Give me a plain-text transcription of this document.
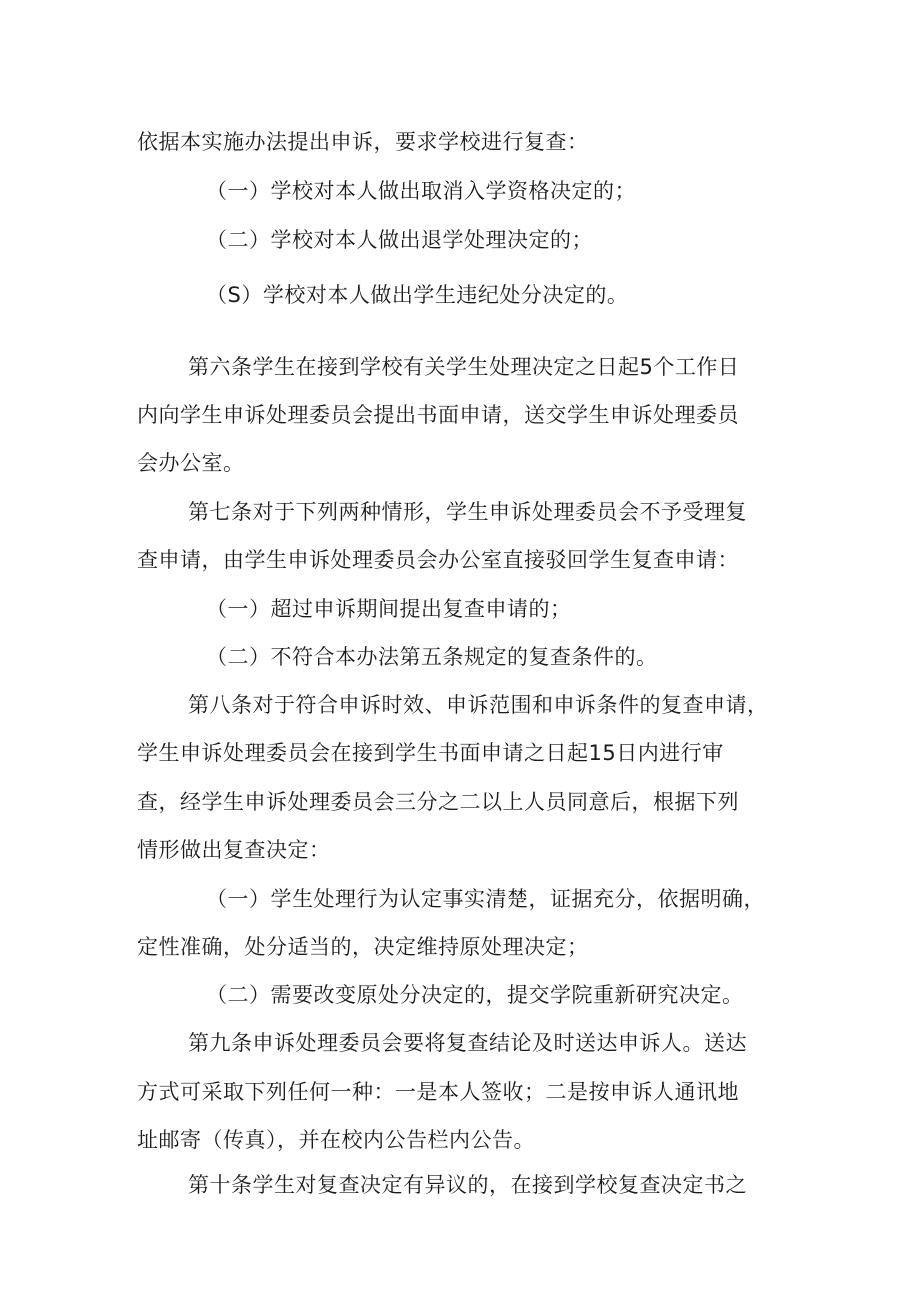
依据本实施办法提出申诉，要求学校进行复查：
（一）学校对本人做出取消入学资格决定的；
（二）学校对本人做出退学处理决定的；
（S）学校对本人做出学生违纪处分决定的。
第六条学生在接到学校有关学生处理决定之日起5个工作日
内向学生申诉处理委员会提出书面申请，送交学生申诉处理委员
会办公室。
第七条对于下列两种情形，学生申诉处理委员会不予受理复
查申请，由学生申诉处理委员会办公室直接驳回学生复查申请：
（一）超过申诉期间提出复查申请的；
（二）不符合本办法第五条规定的复查条件的。
第八条对于符合申诉时效、申诉范围和申诉条件的复查申请，
学生申诉处理委员会在接到学生书面申请之日起15日内进行审
查，经学生申诉处理委员会三分之二以上人员同意后，根据下列
情形做出复查决定：
（一）学生处理行为认定事实清楚，证据充分，依据明确，
定性准确，处分适当的，决定维持原处理决定；
（二）需要改变原处分决定的，提交学院重新研究决定。
第九条申诉处理委员会要将复查结论及时送达申诉人。送达
方式可采取下列任何一种：一是本人签收；二是按申诉人通讯地
址邮寄（传真），并在校内公告栏内公告。
第十条学生对复查决定有异议的，在接到学校复查决定书之
